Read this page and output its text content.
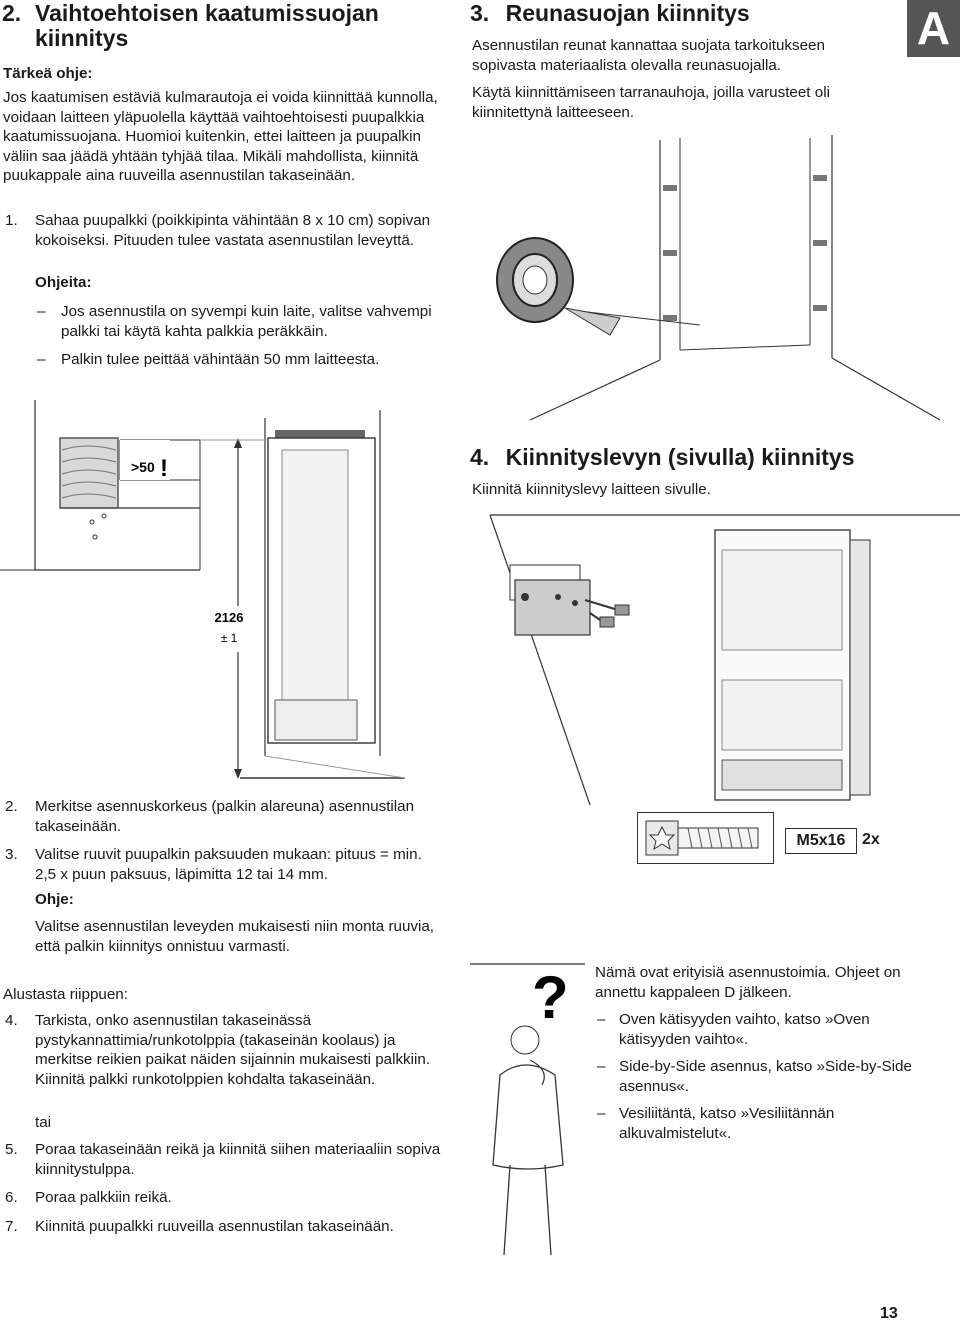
2. Vaihtoehtoisen kaatumissuojan
kiinnitys
Tärkeä ohje:
Jos kaatumisen estäviä kulmarautoja ei voida kiinnittää kunnolla, voidaan laitteen yläpuolella käyttää vaihtoehtoisesti puupalkkia kaatumissuojana. Huomioi kuitenkin, ettei laitteen ja puupalkin väliin saa jäädä yhtään tyhjää tilaa. Mikäli mahdollista, kiinnitä puukappale aina ruuveilla asennustilan takaseinään.
1. Sahaa puupalkki (poikkipinta vähintään 8 x 10 cm) sopivan kokoiseksi. Pituuden tulee vastata asennustilan leveyttä.
Ohjeita:
– Jos asennustila on syvempi kuin laite, valitse vahvempi palkki tai käytä kahta palkkia peräkkäin.
– Palkin tulee peittää vähintään 50 mm laitteesta.
2126
± 1
>50 !
2. Merkitse asennuskorkeus (palkin alareuna) asennustilan takaseinään.
3. Valitse ruuvit puupalkin paksuuden mukaan: pituus = min. 2,5 x puun paksuus, läpimitta 12 tai 14 mm.
Ohje:
Valitse asennustilan leveyden mukaisesti niin monta ruuvia, että palkin kiinnitys onnistuu varmasti.
Alustasta riippuen:
4. Tarkista, onko asennustilan takaseinässä pystykannattimia/runkotolppia (takaseinän koolaus) ja merkitse reikien paikat näiden sijainnin mukaisesti palkkiin. Kiinnitä palkki runkotolppien kohdalta takaseinään.
tai
5. Poraa takaseinään reikä ja kiinnitä siihen materiaaliin sopiva kiinnitystulppa.
6. Poraa palkkiin reikä.
7. Kiinnitä puupalkki ruuveilla asennustilan takaseinään.
3. Reunasuojan kiinnitys
Asennustilan reunat kannattaa suojata tarkoitukseen sopivasta materiaalista olevalla reunasuojalla.
Käytä kiinnittämiseen tarranauhoja, joilla varusteet oli kiinnitettynä laitteeseen.
A
4. Kiinnityslevyn (sivulla) kiinnitys
Kiinnitä kiinnityslevy laitteen sivulle.
M5x16	2x
? Nämä ovat erityisiä asennustoimia. Ohjeet on annettu kappaleen D jälkeen.
– Oven kätisyyden vaihto, katso »Oven kätisyyden vaihto«.
– Side-by-Side asennus, katso »Side-by-Side asennus«.
– Vesiliitäntä, katso »Vesiliitännän alkuvalmistelut«.
13
